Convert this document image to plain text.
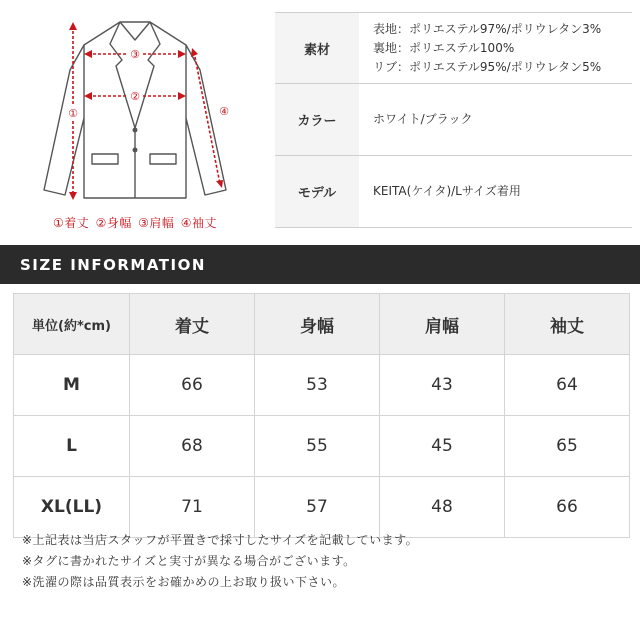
①
②
③
④
①着丈 ②身幅 ③肩幅 ④袖丈
素材
表地：ポリエステル97%/ポリウレタン3%
裏地：ポリエステル100%
リブ：ポリエステル95%/ポリウレタン5%
カラー	ホワイト/ブラック
モデル	KEITA(ケイタ)/Lサイズ着用
SIZE INFORMATION
単位(約*cm)	着丈	身幅	肩幅	袖丈
M	66	53	43	64
L	68	55	45	65
XL(LL)	71	57	48	66
※上記表は当店スタッフが平置きで採寸したサイズを記載しています。
※タグに書かれたサイズと実寸が異なる場合がございます。
※洗濯の際は品質表示をお確かめの上お取り扱い下さい。
